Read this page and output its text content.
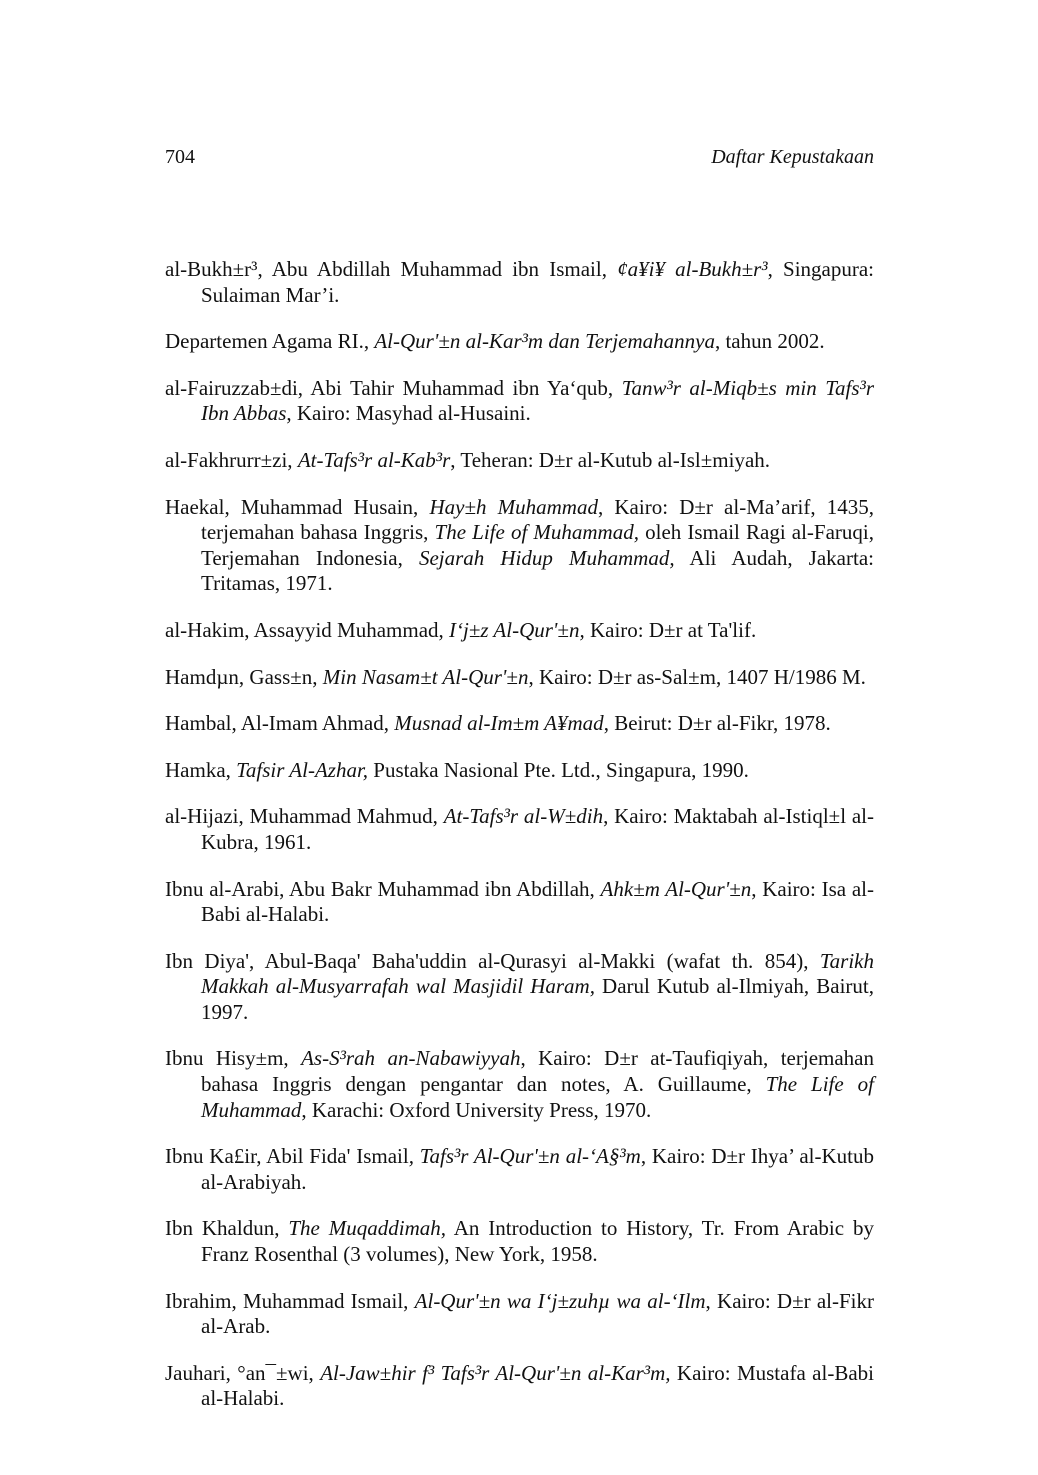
704	Daftar Kepustakaan

al-Bukh±r³, Abu Abdillah Muhammad ibn Ismail, ¢a¥i¥ al-Bukh±r³, Singapura: Sulaiman Mar’i.

Departemen Agama RI., Al-Qur'±n al-Kar³m dan Terjemahannya, tahun 2002.

al-Fairuzzab±di, Abi Tahir Muhammad ibn Ya‘qub, Tanw³r al-Miqb±s min Tafs³r Ibn Abbas, Kairo: Masyhad al-Husaini.

al-Fakhrurr±zi, At-Tafs³r al-Kab³r, Teheran: D±r al-Kutub al-Isl±miyah.

Haekal, Muhammad Husain, Hay±h Muhammad, Kairo: D±r al-Ma’arif, 1435, terjemahan bahasa Inggris, The Life of Muhammad, oleh Ismail Ragi al-Faruqi, Terjemahan Indonesia, Sejarah Hidup Muhammad, Ali Audah, Jakarta: Tritamas, 1971.

al-Hakim, Assayyid Muhammad, I‘j±z Al-Qur'±n, Kairo: D±r at Ta'lif.

Hamdµn, Gass±n, Min Nasam±t Al-Qur'±n, Kairo: D±r as-Sal±m, 1407 H/1986 M.

Hambal, Al-Imam Ahmad, Musnad al-Im±m A¥mad, Beirut: D±r al-Fikr, 1978.

Hamka, Tafsir Al-Azhar, Pustaka Nasional Pte. Ltd., Singapura, 1990.

al-Hijazi, Muhammad Mahmud, At-Tafs³r al-W±dih, Kairo: Maktabah al-Istiql±l al-Kubra, 1961.

Ibnu al-Arabi, Abu Bakr Muhammad ibn Abdillah, Ahk±m Al-Qur'±n, Kairo: Isa al-Babi al-Halabi.

Ibn Diya', Abul-Baqa' Baha'uddin al-Qurasyi al-Makki (wafat th. 854), Tarikh Makkah al-Musyarrafah wal Masjidil Haram, Darul Kutub al-Ilmiyah, Bairut, 1997.

Ibnu Hisy±m, As-S³rah an-Nabawiyyah, Kairo: D±r at-Taufiqiyah, terjemahan bahasa Inggris dengan pengantar dan notes, A. Guillaume, The Life of Muhammad, Karachi: Oxford University Press, 1970.

Ibnu Ka£ir, Abil Fida' Ismail, Tafs³r Al-Qur'±n al-‘A§³m, Kairo: D±r Ihya’ al-Kutub al-Arabiyah.

Ibn Khaldun, The Muqaddimah, An Introduction to History, Tr. From Arabic by Franz Rosenthal (3 volumes), New York, 1958.

Ibrahim, Muhammad Ismail, Al-Qur'±n wa I‘j±zuhµ wa al-‘Ilm, Kairo: D±r al-Fikr al-Arab.

Jauhari, °an¯±wi, Al-Jaw±hir f³ Tafs³r Al-Qur'±n al-Kar³m, Kairo: Mustafa al-Babi al-Halabi.
